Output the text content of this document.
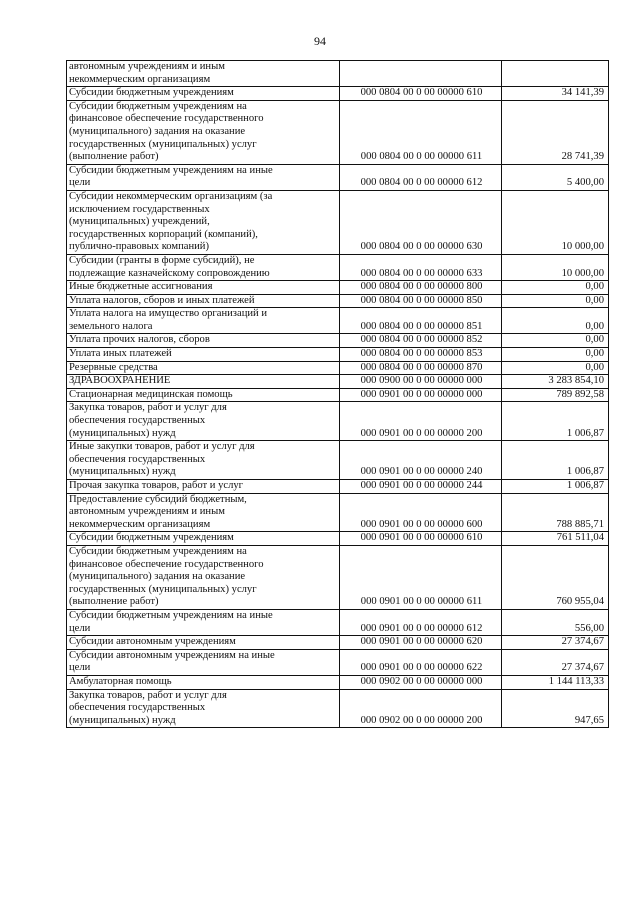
94
автономным учреждениям и иным
некоммерческим организациям		
Субсидии бюджетным учреждениям	000 0804 00 0 00 00000 610	34 141,39
Субсидии бюджетным учреждениям на
финансовое обеспечение государственного
(муниципального) задания на оказание
государственных (муниципальных) услуг
(выполнение работ)	000 0804 00 0 00 00000 611	28 741,39
Субсидии бюджетным учреждениям на иные
цели	000 0804 00 0 00 00000 612	5 400,00
Субсидии некоммерческим организациям (за
исключением государственных
(муниципальных) учреждений,
государственных корпораций (компаний),
публично-правовых компаний)	000 0804 00 0 00 00000 630	10 000,00
Субсидии (гранты в форме субсидий), не
подлежащие казначейскому сопровождению	000 0804 00 0 00 00000 633	10 000,00
Иные бюджетные ассигнования	000 0804 00 0 00 00000 800	0,00
Уплата налогов, сборов и иных платежей	000 0804 00 0 00 00000 850	0,00
Уплата налога на имущество организаций и
земельного налога	000 0804 00 0 00 00000 851	0,00
Уплата прочих налогов, сборов	000 0804 00 0 00 00000 852	0,00
Уплата иных платежей	000 0804 00 0 00 00000 853	0,00
Резервные средства	000 0804 00 0 00 00000 870	0,00
ЗДРАВООХРАНЕНИЕ	000 0900 00 0 00 00000 000	3 283 854,10
Стационарная медицинская помощь	000 0901 00 0 00 00000 000	789 892,58
Закупка товаров, работ и услуг для
обеспечения государственных
(муниципальных) нужд	000 0901 00 0 00 00000 200	1 006,87
Иные закупки товаров, работ и услуг для
обеспечения государственных
(муниципальных) нужд	000 0901 00 0 00 00000 240	1 006,87
Прочая закупка товаров, работ и услуг	000 0901 00 0 00 00000 244	1 006,87
Предоставление субсидий бюджетным,
автономным учреждениям и иным
некоммерческим организациям	000 0901 00 0 00 00000 600	788 885,71
Субсидии бюджетным учреждениям	000 0901 00 0 00 00000 610	761 511,04
Субсидии бюджетным учреждениям на
финансовое обеспечение государственного
(муниципального) задания на оказание
государственных (муниципальных) услуг
(выполнение работ)	000 0901 00 0 00 00000 611	760 955,04
Субсидии бюджетным учреждениям на иные
цели	000 0901 00 0 00 00000 612	556,00
Субсидии автономным учреждениям	000 0901 00 0 00 00000 620	27 374,67
Субсидии автономным учреждениям на иные
цели	000 0901 00 0 00 00000 622	27 374,67
Амбулаторная помощь	000 0902 00 0 00 00000 000	1 144 113,33
Закупка товаров, работ и услуг для
обеспечения государственных
(муниципальных) нужд	000 0902 00 0 00 00000 200	947,65
